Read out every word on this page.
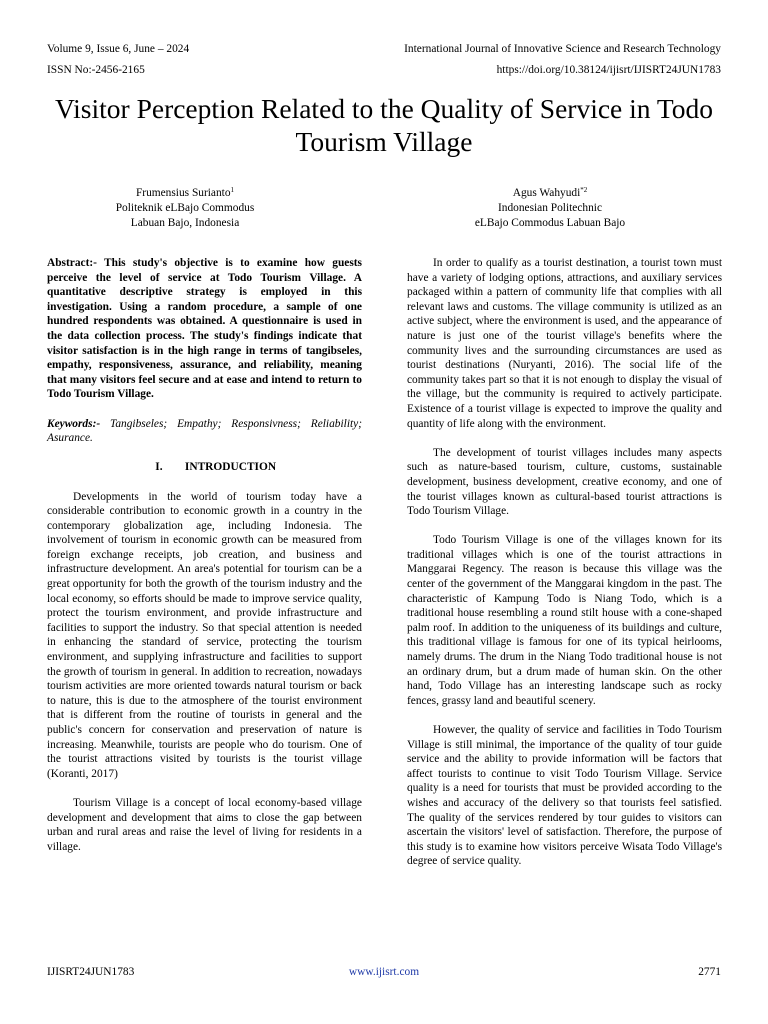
Volume 9, Issue 6, June – 2024	International Journal of Innovative Science and Research Technology
ISSN No:-2456-2165	https://doi.org/10.38124/ijisrt/IJISRT24JUN1783
Visitor Perception Related to the Quality of Service in Todo Tourism Village
Frumensius Surianto$^1$
Politeknik eLBajo Commodus
Labuan Bajo, Indonesia
Agus Wahyudi$^{*2}$
Indonesian Politechnic
eLBajo Commodus Labuan Bajo

Abstract:- This study's objective is to examine how guests perceive the level of service at Todo Tourism Village. A quantitative descriptive strategy is employed in this investigation. Using a random procedure, a sample of one hundred respondents was obtained. A questionnaire is used in the data collection process. The study's findings indicate that visitor satisfaction is in the high range in terms of tangibseles, empathy, responsiveness, assurance, and reliability, meaning that many visitors feel secure and at ease and intend to return to Todo Tourism Village.

Keywords:- Tangibseles; Empathy; Responsivness; Reliability; Asurance.

I. INTRODUCTION

Developments in the world of tourism today have a considerable contribution to economic growth in a country in the contemporary globalization age, including Indonesia. The involvement of tourism in economic growth can be measured from foreign exchange receipts, job creation, and business and infrastructure development. An area's potential for tourism can be a great opportunity for both the growth of the tourism industry and the local economy, so efforts should be made to improve service quality, protect the tourism environment, and provide infrastructure and facilities to support the industry. So that special attention is needed in enhancing the standard of service, protecting the tourism environment, and supplying infrastructure and facilities to support the growth of tourism in general. In addition to recreation, nowadays tourism activities are more oriented towards natural tourism or back to nature, this is due to the atmosphere of the tourist environment that is different from the routine of tourists in general and the public's concern for conservation and preservation of nature is increasing. Meanwhile, tourists are people who do tourism. One of the tourist attractions visited by tourists is the tourist village (Koranti, 2017)

Tourism Village is a concept of local economy-based village development and development that aims to close the gap between urban and rural areas and raise the level of living for residents in a village.

In order to qualify as a tourist destination, a tourist town must have a variety of lodging options, attractions, and auxiliary services packaged within a pattern of community life that complies with all relevant laws and customs. The village community is utilized as an active subject, where the environment is used, and the appearance of nature is just one of the tourist village's benefits where the community lives and the surrounding circumstances are used as tourist destinations (Nuryanti, 2016). The social life of the community takes part so that it is not enough to display the visual of the village, but the community is required to actively participate. Existence of a tourist village is expected to improve the quality and quantity of life along with the environment.

The development of tourist villages includes many aspects such as nature-based tourism, culture, customs, sustainable development, business development, creative economy, and one of the tourist villages known as cultural-based tourist attractions is Todo Tourism Village.

Todo Tourism Village is one of the villages known for its traditional villages which is one of the tourist attractions in Manggarai Regency. The reason is because this village was the center of the government of the Manggarai kingdom in the past. The characteristic of Kampung Todo is Niang Todo, which is a traditional house resembling a round stilt house with a cone-shaped palm roof. In addition to the uniqueness of its buildings and culture, this traditional village is famous for one of its typical heirlooms, namely drums. The drum in the Niang Todo traditional house is not an ordinary drum, but a drum made of human skin. On the other hand, Todo Village has an interesting landscape such as rocky fences, grassy land and beautiful scenery.

However, the quality of service and facilities in Todo Tourism Village is still minimal, the importance of the quality of tour guide service and the ability to provide information will be factors that affect tourists to continue to visit Todo Tourism Village. Service quality is a need for tourists that must be provided according to the wishes and accuracy of the delivery so that tourists feel satisfied. The quality of the services rendered by tour guides to visitors can ascertain the visitors' level of satisfaction. Therefore, the purpose of this study is to examine how visitors perceive Wisata Todo Village's degree of service quality.

IJISRT24JUN1783	www.ijisrt.com	2771
